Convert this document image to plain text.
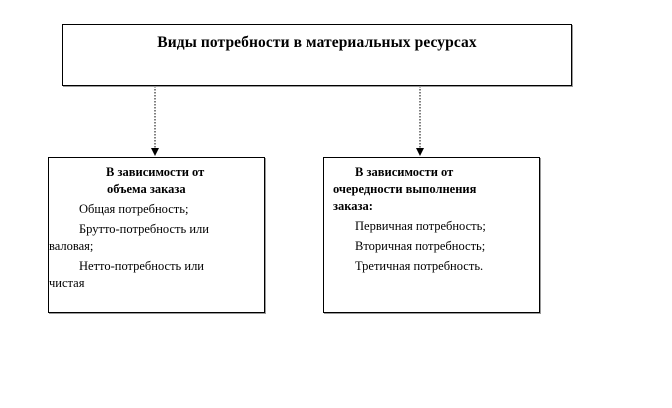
Виды потребности в материальных ресурсах
В зависимости от
объема заказа
Общая потребность;
Брутто-потребность или
валовая;
Нетто-потребность или
чистая
В зависимости от
очередности выполнения
заказа:
Первичная потребность;
Вторичная потребность;
Третичная потребность.
